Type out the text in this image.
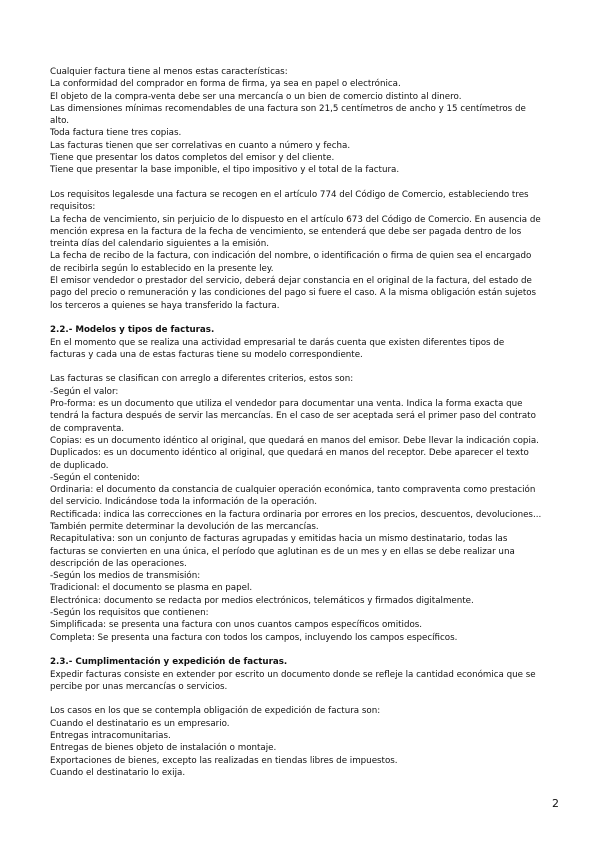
Cualquier factura tiene al menos estas características:
La conformidad del comprador en forma de firma, ya sea en papel o electrónica.
El objeto de la compra-venta debe ser una mercancía o un bien de comercio distinto al dinero.
Las dimensiones mínimas recomendables de una factura son 21,5 centímetros de ancho y 15 centímetros de
alto.
Toda factura tiene tres copias.
Las facturas tienen que ser correlativas en cuanto a número y fecha.
Tiene que presentar los datos completos del emisor y del cliente.
Tiene que presentar la base imponible, el tipo impositivo y el total de la factura.
Los requisitos legalesde una factura se recogen en el artículo 774 del Código de Comercio, estableciendo tres
requisitos:
La fecha de vencimiento, sin perjuicio de lo dispuesto en el artículo 673 del Código de Comercio. En ausencia de
mención expresa en la factura de la fecha de vencimiento, se entenderá que debe ser pagada dentro de los
treinta días del calendario siguientes a la emisión.
La fecha de recibo de la factura, con indicación del nombre, o identificación o firma de quien sea el encargado
de recibirla según lo establecido en la presente ley.
El emisor vendedor o prestador del servicio, deberá dejar constancia en el original de la factura, del estado de
pago del precio o remuneración y las condiciones del pago si fuere el caso. A la misma obligación están sujetos
los terceros a quienes se haya transferido la factura.
2.2.- Modelos y tipos de facturas.
En el momento que se realiza una actividad empresarial te darás cuenta que existen diferentes tipos de
facturas y cada una de estas facturas tiene su modelo correspondiente.
Las facturas se clasifican con arreglo a diferentes criterios, estos son:
-Según el valor:
Pro-forma: es un documento que utiliza el vendedor para documentar una venta. Indica la forma exacta que
tendrá la factura después de servir las mercancías. En el caso de ser aceptada será el primer paso del contrato
de compraventa.
Copias: es un documento idéntico al original, que quedará en manos del emisor. Debe llevar la indicación copia.
Duplicados: es un documento idéntico al original, que quedará en manos del receptor. Debe aparecer el texto
de duplicado.
-Según el contenido:
Ordinaria: el documento da constancia de cualquier operación económica, tanto compraventa como prestación
del servicio. Indicándose toda la información de la operación.
Rectificada: indica las correcciones en la factura ordinaria por errores en los precios, descuentos, devoluciones...
También permite determinar la devolución de las mercancías.
Recapitulativa: son un conjunto de facturas agrupadas y emitidas hacia un mismo destinatario, todas las
facturas se convierten en una única, el período que aglutinan es de un mes y en ellas se debe realizar una
descripción de las operaciones.
-Según los medios de transmisión:
Tradicional: el documento se plasma en papel.
Electrónica: documento se redacta por medios electrónicos, telemáticos y firmados digitalmente.
-Según los requisitos que contienen:
Simplificada: se presenta una factura con unos cuantos campos específicos omitidos.
Completa: Se presenta una factura con todos los campos, incluyendo los campos específicos.
2.3.- Cumplimentación y expedición de facturas.
Expedir facturas consiste en extender por escrito un documento donde se refleje la cantidad económica que se
percibe por unas mercancías o servicios.
Los casos en los que se contempla obligación de expedición de factura son:
Cuando el destinatario es un empresario.
Entregas intracomunitarias.
Entregas de bienes objeto de instalación o montaje.
Exportaciones de bienes, excepto las realizadas en tiendas libres de impuestos.
Cuando el destinatario lo exija.
2
